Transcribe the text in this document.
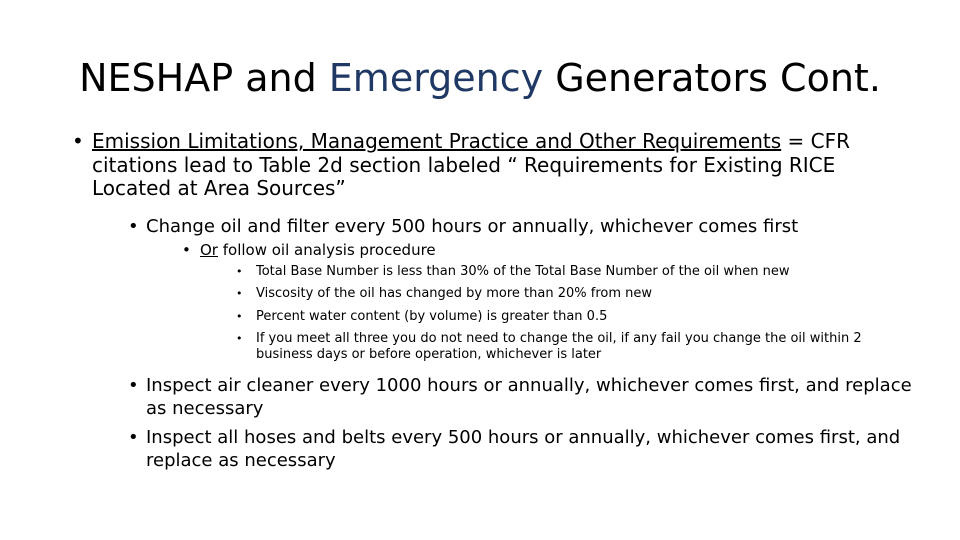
NESHAP and Emergency Generators Cont.
• Emission Limitations, Management Practice and Other Requirements = CFR citations lead to Table 2d section labeled “ Requirements for Existing RICE Located at Area Sources”
• Change oil and filter every 500 hours or annually, whichever comes first
• Or follow oil analysis procedure
• Total Base Number is less than 30% of the Total Base Number of the oil when new
• Viscosity of the oil has changed by more than 20% from new
• Percent water content (by volume) is greater than 0.5
• If you meet all three you do not need to change the oil, if any fail you change the oil within 2 business days or before operation, whichever is later
• Inspect air cleaner every 1000 hours or annually, whichever comes first, and replace as necessary
• Inspect all hoses and belts every 500 hours or annually, whichever comes first, and replace as necessary
